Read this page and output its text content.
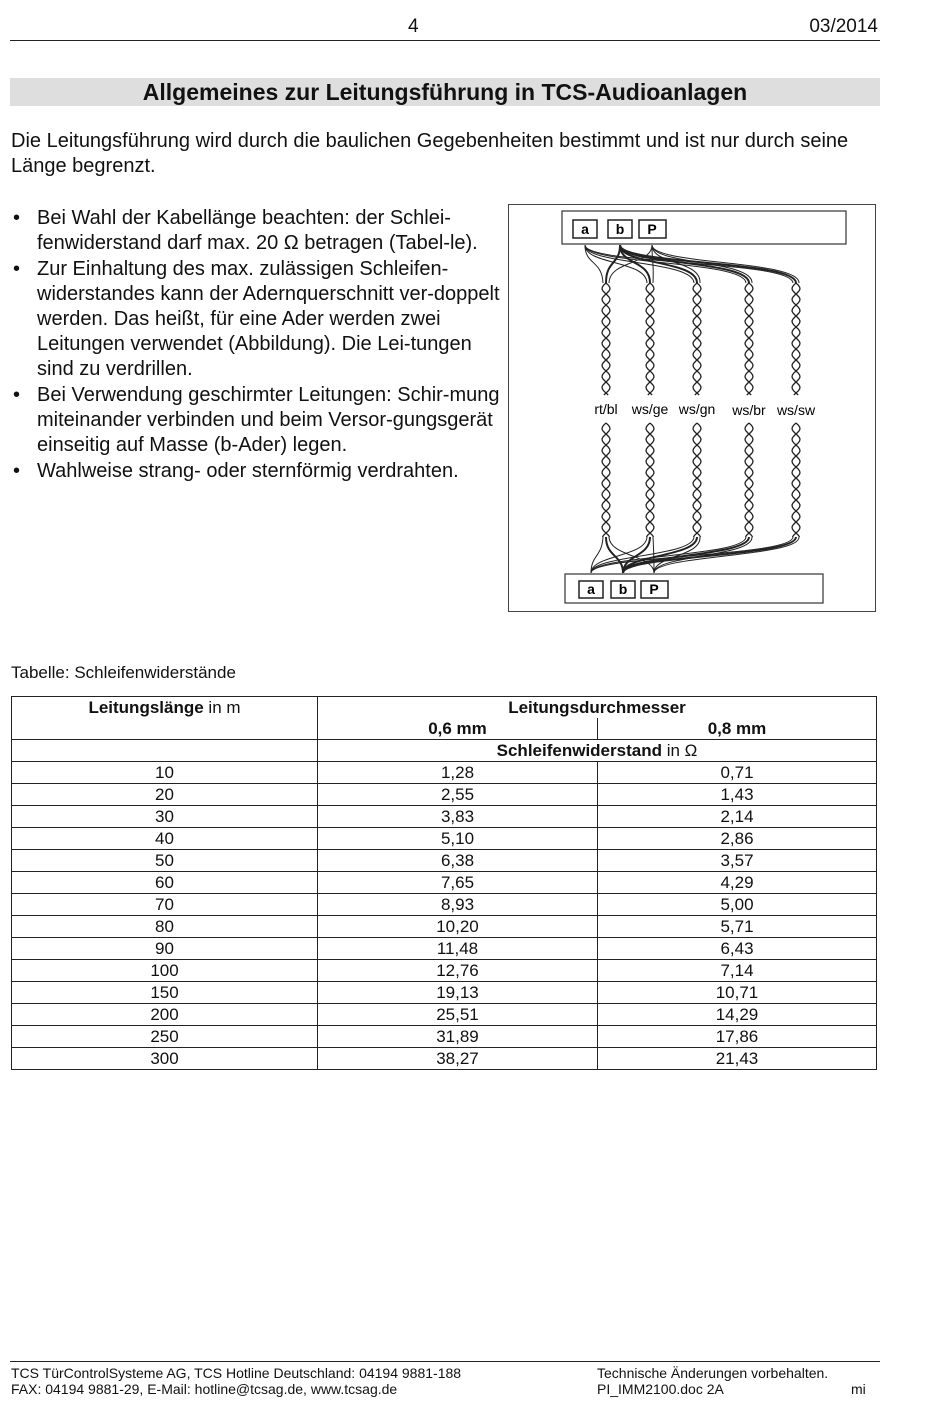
4	03/2014
Allgemeines zur Leitungsführung in TCS-Audioanlagen

Die Leitungsführung wird durch die baulichen Gegebenheiten bestimmt und ist nur durch seine Länge begrenzt.

• Bei Wahl der Kabellänge beachten: der Schlei-fenwiderstand darf max. 20 Ω betragen (Tabel-le).
• Zur Einhaltung des max. zulässigen Schleifen-widerstandes kann der Adernquerschnitt ver-doppelt werden. Das heißt, für eine Ader werden zwei Leitungen verwendet (Abbildung). Die Lei-tungen sind zu verdrillen.
• Bei Verwendung geschirmter Leitungen: Schir-mung miteinander verbinden und beim Versor-gungsgerät einseitig auf Masse (b-Ader) legen.
• Wahlweise strang- oder sternförmig verdrahten.
a b P
a b P
rt/bl ws/ge ws/gn ws/br ws/sw
Tabelle: Schleifenwiderstände
Leitungslänge in m	Leitungsdurchmesser	
	0,6 mm	0,8 mm
	Schleifenwiderstand in Ω	
10	1,28	0,71
20	2,55	1,43
30	3,83	2,14
40	5,10	2,86
50	6,38	3,57
60	7,65	4,29
70	8,93	5,00
80	10,20	5,71
90	11,48	6,43
100	12,76	7,14
150	19,13	10,71
200	25,51	14,29
250	31,89	17,86
300	38,27	21,43
TCS TürControlSysteme AG, TCS Hotline Deutschland: 04194 9881-188
FAX: 04194 9881-29, E-Mail: hotline@tcsag.de, www.tcsag.de
Technische Änderungen vorbehalten.
PI_IMM2100.doc 2A	mi
